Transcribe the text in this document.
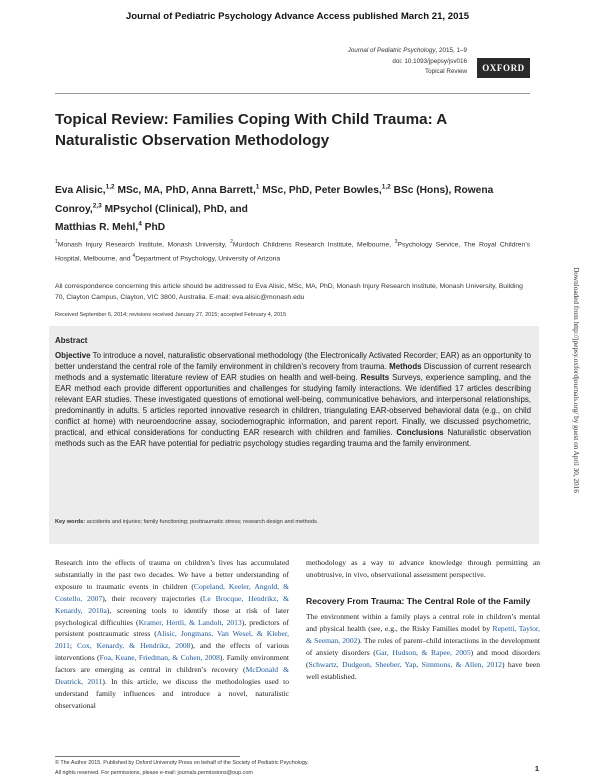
Journal of Pediatric Psychology Advance Access published March 21, 2015
Journal of Pediatric Psychology, 2015, 1–9
doi: 10.1093/jpepsy/jsv016
Topical Review	OXFORD
Topical Review: Families Coping With Child Trauma: A Naturalistic Observation Methodology
Eva Alisic,$^{1,2}$ MSc, MA, PhD, Anna Barrett,$^1$ MSc, PhD, Peter Bowles,$^{1,2}$ BSc (Hons), Rowena Conroy,$^{2,3}$ MPsychol (Clinical), PhD, and
Matthias R. Mehl,$^4$ PhD
$^1$Monash Injury Research Institute, Monash University, $^2$Murdoch Childrens Research Institute, Melbourne, $^3$Psychology Service, The Royal Children’s Hospital, Melbourne, and $^4$Department of Psychology, University of Arizona
All correspondence concerning this article should be addressed to Eva Alisic, MSc, MA, PhD, Monash Injury Research Institute, Monash University, Building 70, Clayton Campus, Clayton, VIC 3800, Australia. E-mail: eva.alisic@monash.edu
Received September 6, 2014; revisions received January 27, 2015; accepted February 4, 2015
Abstract
Objective To introduce a novel, naturalistic observational methodology (the Electronically Activated Recorder; EAR) as an opportunity to better understand the central role of the family environment in children’s recovery from trauma. Methods Discussion of current research methods and a systematic literature review of EAR studies on health and well-being. Results Surveys, experience sampling, and the EAR method each provide different opportunities and challenges for studying family interactions. We identified 17 articles describing relevant EAR studies. These investigated questions of emotional well-being, communicative behaviors, and interpersonal relationships, predominantly in adults. 5 articles reported innovative research in children, triangulating EAR-observed behavioral data (e.g., on child conflict at home) with neuroendocrine assay, sociodemographic information, and parent report. Finally, we discussed psychometric, practical, and ethical considerations for conducting EAR research with children and families. Conclusions Naturalistic observation methods such as the EAR have potential for pediatric psychology studies regarding trauma and the family environment.
Key words: accidents and injuries; family functioning; posttraumatic stress; research design and methods.
Research into the effects of trauma on children’s lives has accumulated substantially in the past two decades. We have a better understanding of exposure to traumatic events in children (Copeland, Keeler, Angold, & Costello, 2007), their recovery trajectories (Le Brocque, Hendrikz, & Kenardy, 2010a), screening tools to identify those at risk of later psychological difficulties (Kramer, Hertli, & Landolt, 2013), predictors of persistent posttraumatic stress (Alisic, Jongmans, Van Wesel, & Kleber, 2011; Cox, Kenardy, & Hendrikz, 2008), and the effects of various interventions (Foa, Keane, Friedman, & Cohen, 2008). Family environment factors are emerging as central in children’s recovery (McDonald & Deatrick, 2011). In this article, we discuss the methodologies used to understand family influences and introduce a novel, naturalistic observational
methodology as a way to advance knowledge through permitting an unobtrusive, in vivo, observational assessment perspective.
Recovery From Trauma: The Central Role of the Family
The environment within a family plays a central role in children’s mental and physical health (see, e.g., the Risky Families model by Repetti, Taylor, & Seeman, 2002). The roles of parent–child interactions in the development of anxiety disorders (Gar, Hudson, & Rapee, 2005) and mood disorders (Schwartz, Dudgeon, Sheeber, Yap, Simmons, & Allen, 2012) have been well established.
© The Author 2015. Published by Oxford University Press on behalf of the Society of Pediatric Psychology.
All rights reserved. For permissions, please e-mail: journals.permissions@oup.com	1
Downloaded from http://jpepsy.oxfordjournals.org/ by guest on April 30, 2016
